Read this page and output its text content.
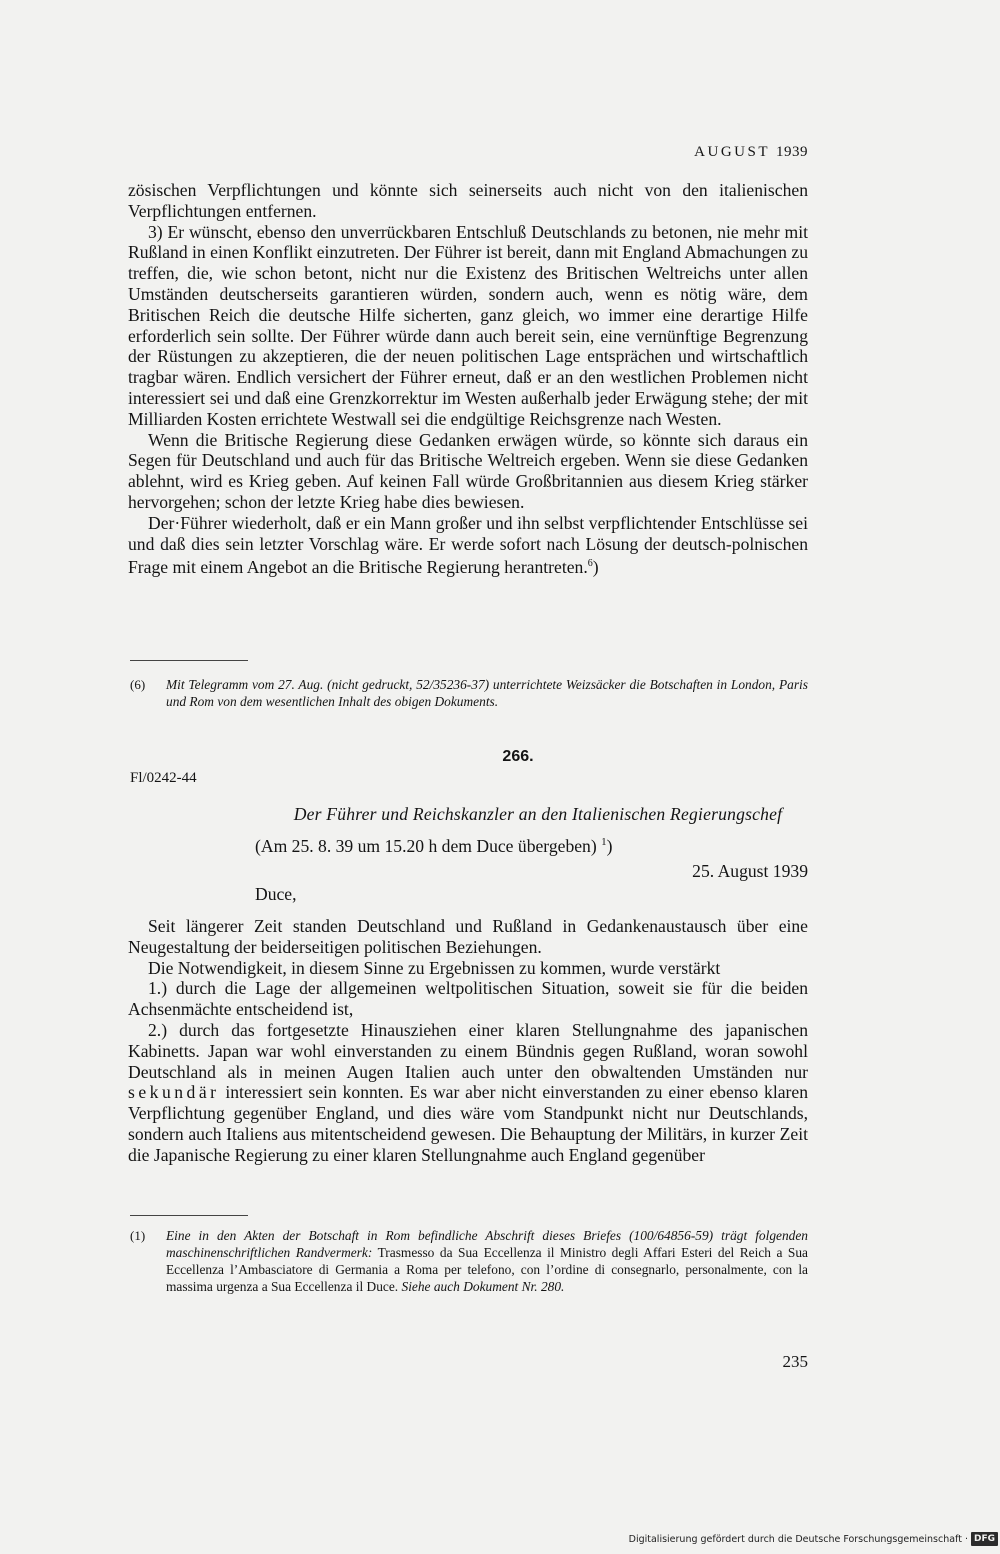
AUGUST 1939

zösischen Verpflichtungen und könnte sich seinerseits auch nicht von den italienischen Verpflichtungen entfernen.

3) Er wünscht, ebenso den unverrückbaren Entschluß Deutschlands zu betonen, nie mehr mit Rußland in einen Konflikt einzutreten. Der Führer ist bereit, dann mit England Abmachungen zu treffen, die, wie schon betont, nicht nur die Existenz des Britischen Weltreichs unter allen Umständen deutscherseits garantieren würden, sondern auch, wenn es nötig wäre, dem Britischen Reich die deutsche Hilfe sicherten, ganz gleich, wo immer eine derartige Hilfe erforderlich sein sollte. Der Führer würde dann auch bereit sein, eine vernünftige Begrenzung der Rüstungen zu akzeptieren, die der neuen politischen Lage entsprächen und wirtschaftlich tragbar wären. Endlich versichert der Führer erneut, daß er an den westlichen Problemen nicht interessiert sei und daß eine Grenzkorrektur im Westen außerhalb jeder Erwägung stehe; der mit Milliarden Kosten errichtete Westwall sei die endgültige Reichsgrenze nach Westen.

Wenn die Britische Regierung diese Gedanken erwägen würde, so könnte sich daraus ein Segen für Deutschland und auch für das Britische Weltreich ergeben. Wenn sie diese Gedanken ablehnt, wird es Krieg geben. Auf keinen Fall würde Großbritannien aus diesem Krieg stärker hervorgehen; schon der letzte Krieg habe dies bewiesen.

Der·Führer wiederholt, daß er ein Mann großer und ihn selbst verpflichtender Entschlüsse sei und daß dies sein letzter Vorschlag wäre. Er werde sofort nach Lösung der deutsch-polnischen Frage mit einem Angebot an die Britische Regierung herantreten.$^6$)

(6)	Mit Telegramm vom 27. Aug. (nicht gedruckt, 52/35236-37) unterrichtete Weizsäcker die Botschaften in London, Paris und Rom von dem wesentlichen Inhalt des obigen Dokuments.
266.
Fl/0242-44
Der Führer und Reichskanzler an den Italienischen Regierungschef
(Am 25. 8. 39 um 15.20 h dem Duce übergeben) $^1$)
25. August 1939
Duce,

Seit längerer Zeit standen Deutschland und Rußland in Gedankenaustausch über eine Neugestaltung der beiderseitigen politischen Beziehungen.

Die Notwendigkeit, in diesem Sinne zu Ergebnissen zu kommen, wurde verstärkt

1.) durch die Lage der allgemeinen weltpolitischen Situation, soweit sie für die beiden Achsenmächte entscheidend ist,

2.) durch das fortgesetzte Hinausziehen einer klaren Stellungnahme des japanischen Kabinetts. Japan war wohl einverstanden zu einem Bündnis gegen Rußland, woran sowohl Deutschland als in meinen Augen Italien auch unter den obwaltenden Umständen nur sekundär interessiert sein konnten. Es war aber nicht einverstanden zu einer ebenso klaren Verpflichtung gegenüber England, und dies wäre vom Standpunkt nicht nur Deutschlands, sondern auch Italiens aus mitentscheidend gewesen. Die Behauptung der Militärs, in kurzer Zeit die Japanische Regierung zu einer klaren Stellungnahme auch England gegenüber

(1)	Eine in den Akten der Botschaft in Rom befindliche Abschrift dieses Briefes (100/64856-59) trägt folgenden maschinenschriftlichen Randvermerk: Trasmesso da Sua Eccellenza il Ministro degli Affari Esteri del Reich a Sua Eccellenza l’Ambasciatore di Germania a Roma per telefono, con l’ordine di consegnarlo, personalmente, con la massima urgenza a Sua Eccellenza il Duce. Siehe auch Dokument Nr. 280.
235
Digitalisierung gefördert durch die Deutsche Forschungsgemeinschaft · DFG
